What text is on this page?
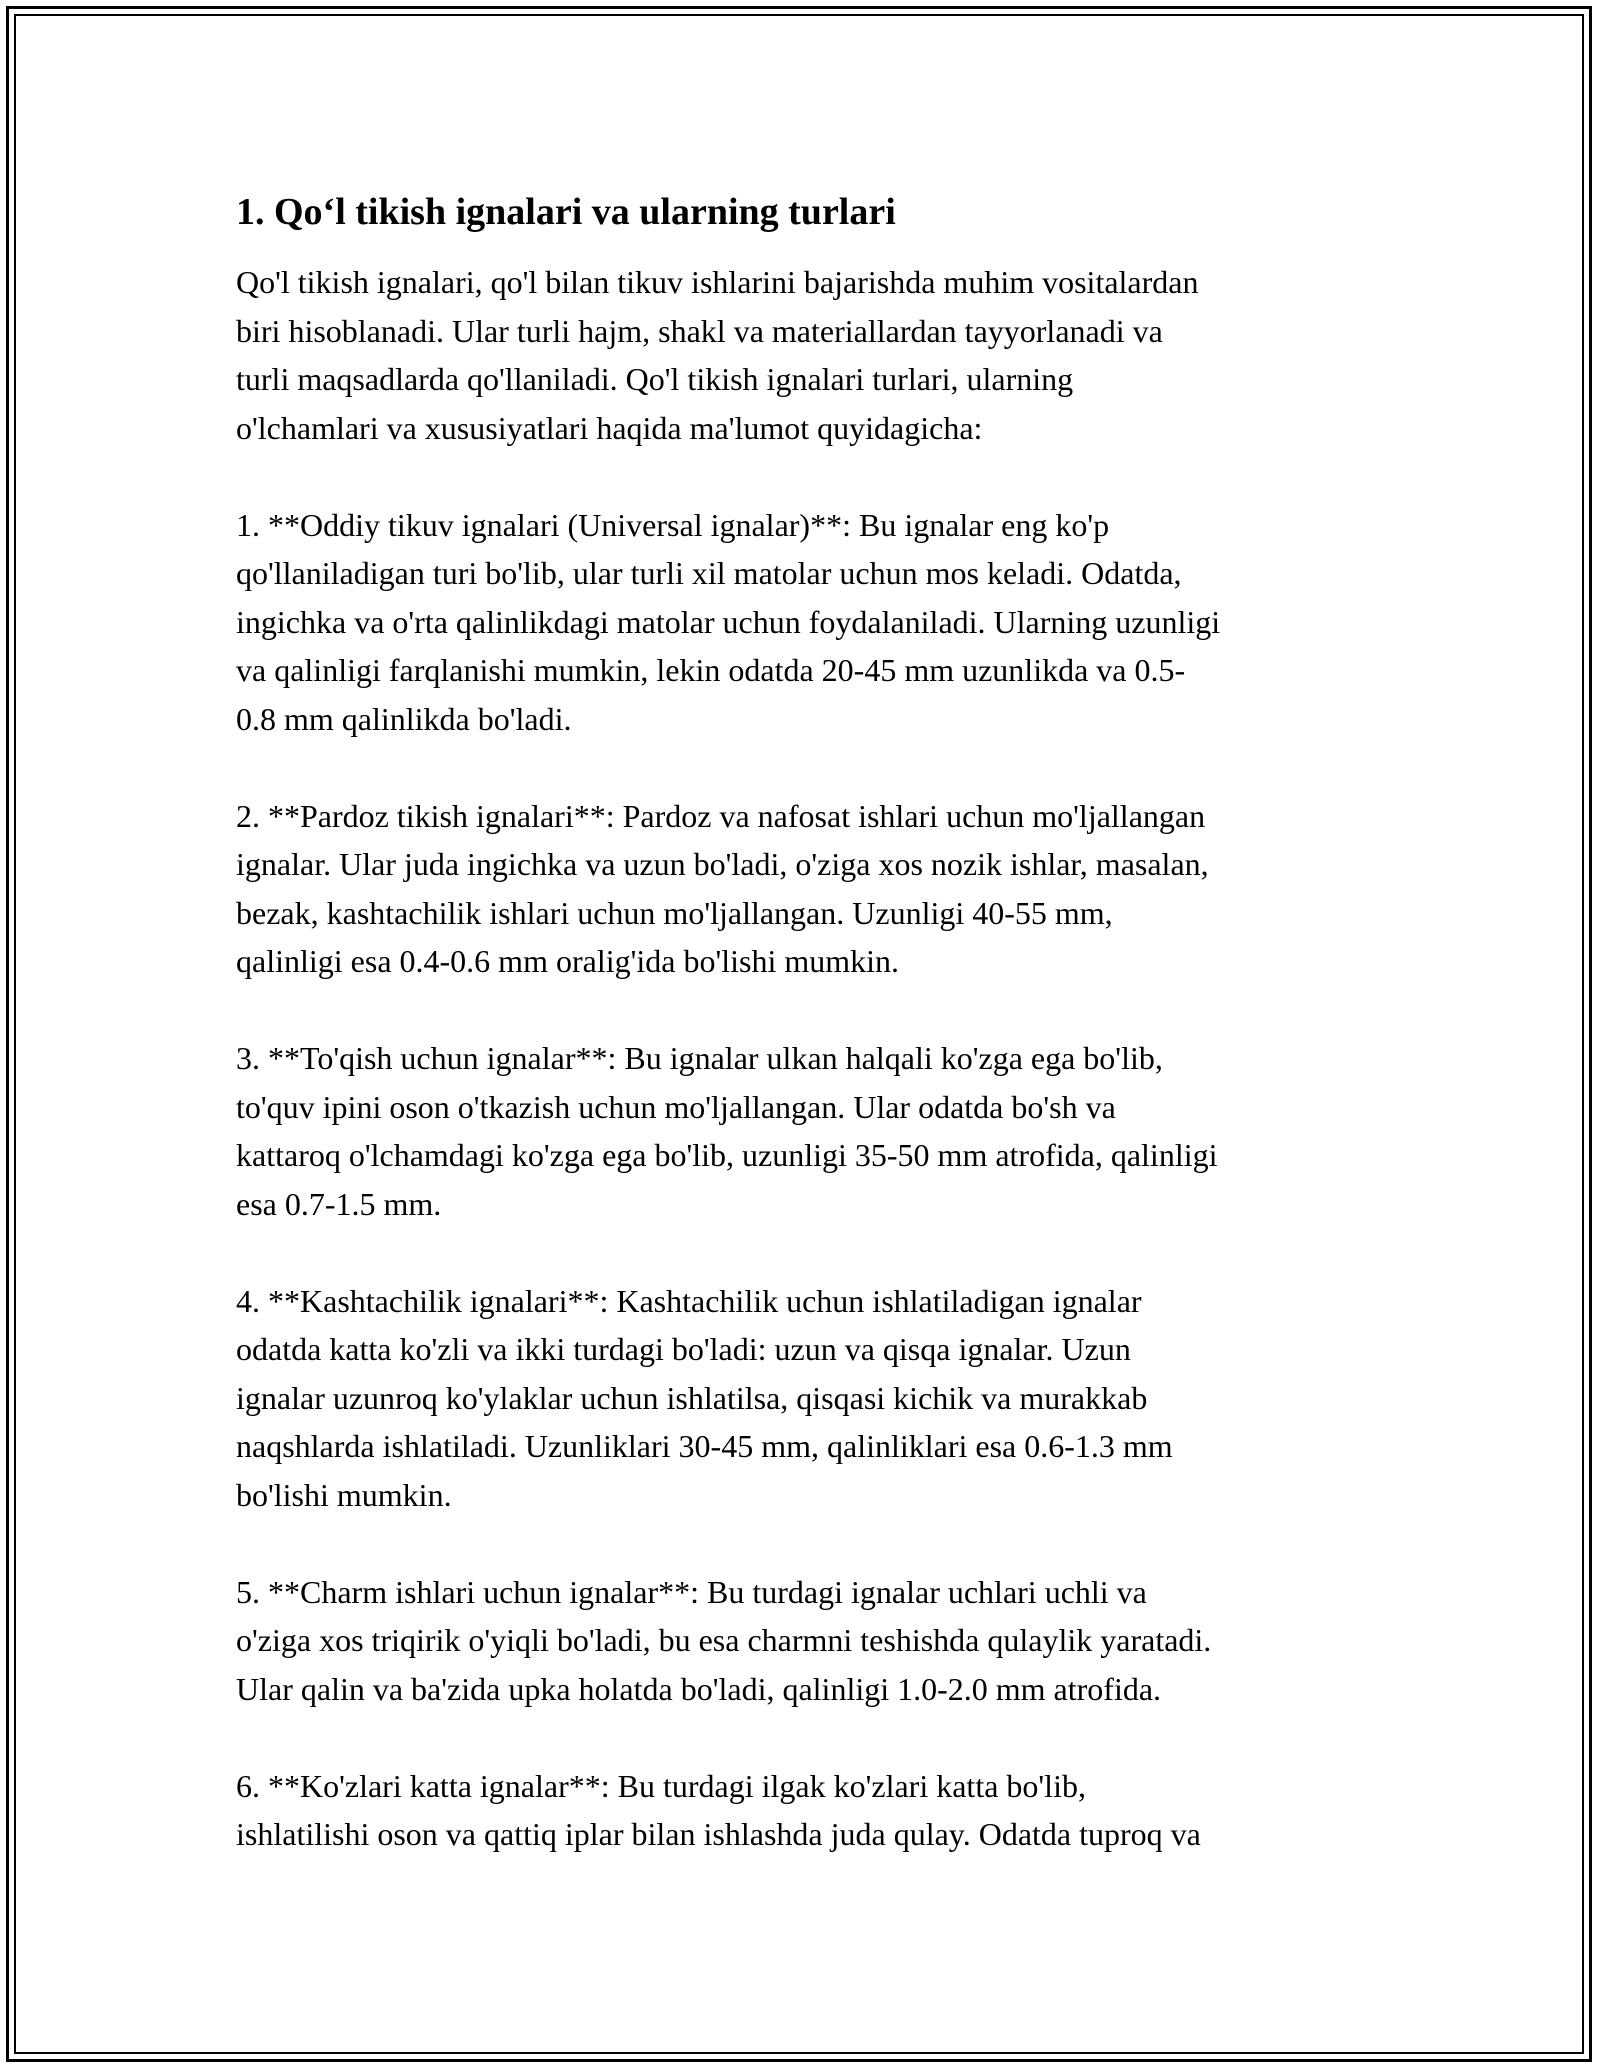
1. Qo‘l tikish ignalari va ularning turlari

Qo'l tikish ignalari, qo'l bilan tikuv ishlarini bajarishda muhim vositalardan
biri hisoblanadi. Ular turli hajm, shakl va materiallardan tayyorlanadi va
turli maqsadlarda qo'llaniladi. Qo'l tikish ignalari turlari, ularning
o'lchamlari va xususiyatlari haqida ma'lumot quyidagicha:

1. **Oddiy tikuv ignalari (Universal ignalar)**: Bu ignalar eng ko'p
qo'llaniladigan turi bo'lib, ular turli xil matolar uchun mos keladi. Odatda,
ingichka va o'rta qalinlikdagi matolar uchun foydalaniladi. Ularning uzunligi
va qalinligi farqlanishi mumkin, lekin odatda 20-45 mm uzunlikda va 0.5-
0.8 mm qalinlikda bo'ladi.

2. **Pardoz tikish ignalari**: Pardoz va nafosat ishlari uchun mo'ljallangan
ignalar. Ular juda ingichka va uzun bo'ladi, o'ziga xos nozik ishlar, masalan,
bezak, kashtachilik ishlari uchun mo'ljallangan. Uzunligi 40-55 mm,
qalinligi esa 0.4-0.6 mm oralig'ida bo'lishi mumkin.

3. **To'qish uchun ignalar**: Bu ignalar ulkan halqali ko'zga ega bo'lib,
to'quv ipini oson o'tkazish uchun mo'ljallangan. Ular odatda bo'sh va
kattaroq o'lchamdagi ko'zga ega bo'lib, uzunligi 35-50 mm atrofida, qalinligi
esa 0.7-1.5 mm.

4. **Kashtachilik ignalari**: Kashtachilik uchun ishlatiladigan ignalar
odatda katta ko'zli va ikki turdagi bo'ladi: uzun va qisqa ignalar. Uzun
ignalar uzunroq ko'ylaklar uchun ishlatilsa, qisqasi kichik va murakkab
naqshlarda ishlatiladi. Uzunliklari 30-45 mm, qalinliklari esa 0.6-1.3 mm
bo'lishi mumkin.

5. **Charm ishlari uchun ignalar**: Bu turdagi ignalar uchlari uchli va
o'ziga xos triqirik o'yiqli bo'ladi, bu esa charmni teshishda qulaylik yaratadi.
Ular qalin va ba'zida upka holatda bo'ladi, qalinligi 1.0-2.0 mm atrofida.

6. **Ko'zlari katta ignalar**: Bu turdagi ilgak ko'zlari katta bo'lib,
ishlatilishi oson va qattiq iplar bilan ishlashda juda qulay. Odatda tuproq va
